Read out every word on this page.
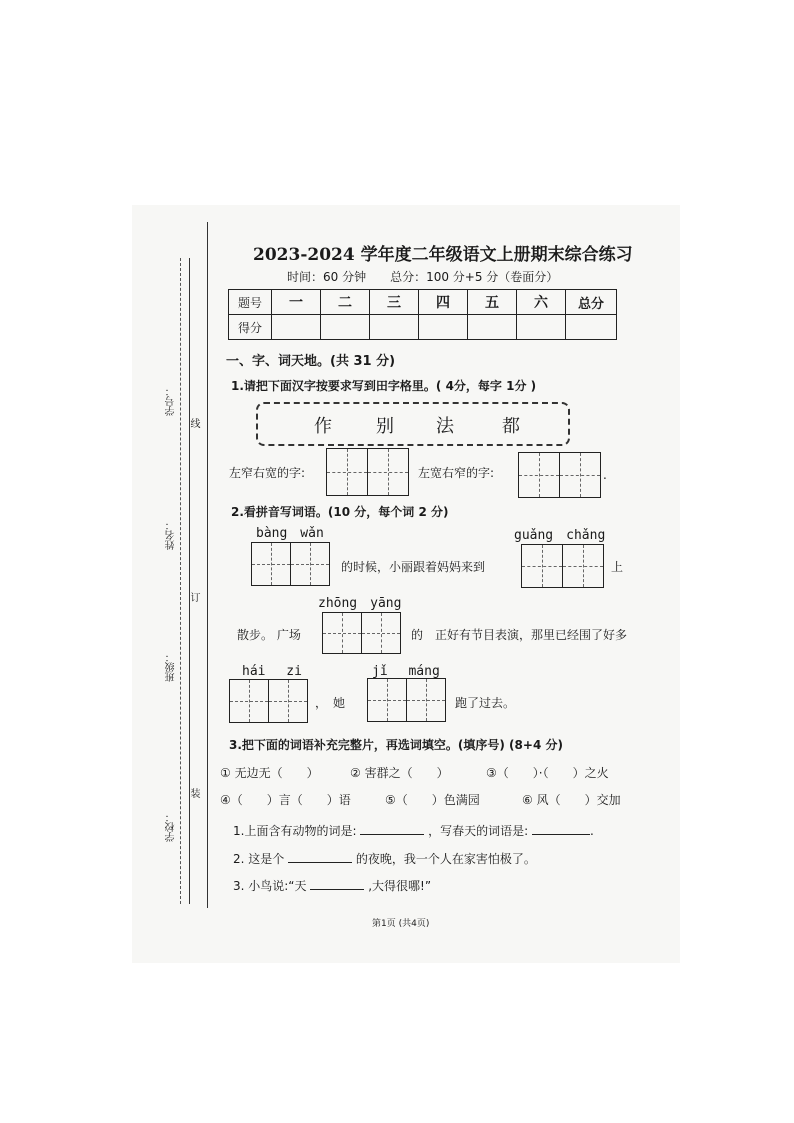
学号：
线
姓名：
订
班级：
装
学校：
2023-2024 学年度二年级语文上册期末综合练习
时间：60 分钟　　总分：100 分+5 分（卷面分）
题号	一	二	三	四	五	六	总分
得分							
一、字、词天地。(共 31 分)
1.请把下面汉字按要求写到田字格里。( 4分，每字 1分 )
作 别 法	都
左窄右宽的字:	左宽右窄的字:	.
2.看拼音写词语。(10 分，每个词 2 分)
bàng　wǎn	guǎng　chǎng
的时候，小丽跟着妈妈来到	上
zhōng　yāng
散步。 广场	的　正好有节目表演，那里已经围了好多
hái　 zi	jǐ　 máng
，　她	跑了过去。
3.把下面的词语补充完整片，再选词填空。(填序号) (8+4 分)
① 无边无（　　）	② 害群之（　　）	③（　　）·（　　）之火
④（　　）言（　　）语	⑤（　　）色满园	⑥ 风（　　）交加
1.上面含有动物的词是:	，写春天的词语是:	.
2. 这是个	的夜晚，我一个人在家害怕极了。
3. 小鸟说:“天	,大得很哪!”
第1页 (共4页)
